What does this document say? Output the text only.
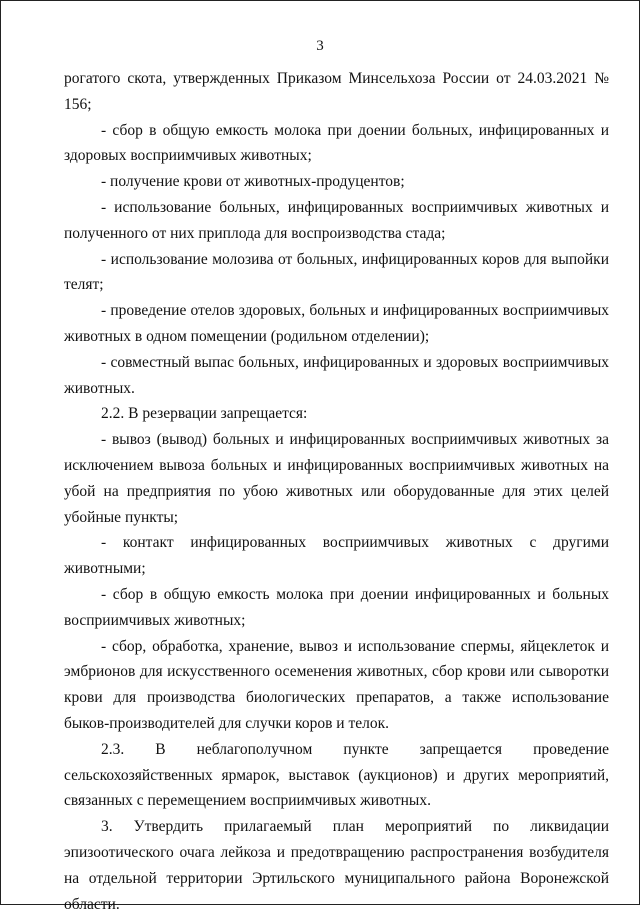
3

рогатого скота, утвержденных Приказом Минсельхоза России от 24.03.2021 № 156;

- сбор в общую емкость молока при доении больных, инфицированных и здоровых восприимчивых животных;

- получение крови от животных-продуцентов;

- использование больных, инфицированных восприимчивых животных и полученного от них приплода для воспроизводства стада;

- использование молозива от больных, инфицированных коров для выпойки телят;

- проведение отелов здоровых, больных и инфицированных восприимчивых животных в одном помещении (родильном отделении);

- совместный выпас больных, инфицированных и здоровых восприимчивых животных.

2.2. В резервации запрещается:

- вывоз (вывод) больных и инфицированных восприимчивых животных за исключением вывоза больных и инфицированных восприимчивых животных на убой на предприятия по убою животных или оборудованные для этих целей убойные пункты;

- контакт инфицированных восприимчивых животных с другими животными;

- сбор в общую емкость молока при доении инфицированных и больных восприимчивых животных;

- сбор, обработка, хранение, вывоз и использование спермы, яйцеклеток и эмбрионов для искусственного осеменения животных, сбор крови или сыворотки крови для производства биологических препаратов, а также использование быков-производителей для случки коров и телок.

2.3. В неблагополучном пункте запрещается проведение сельскохозяйственных ярмарок, выставок (аукционов) и других мероприятий, связанных с перемещением восприимчивых животных.

3. Утвердить прилагаемый план мероприятий по ликвидации эпизоотического очага лейкоза и предотвращению распространения возбудителя на отдельной территории Эртильского муниципального района Воронежской области.
